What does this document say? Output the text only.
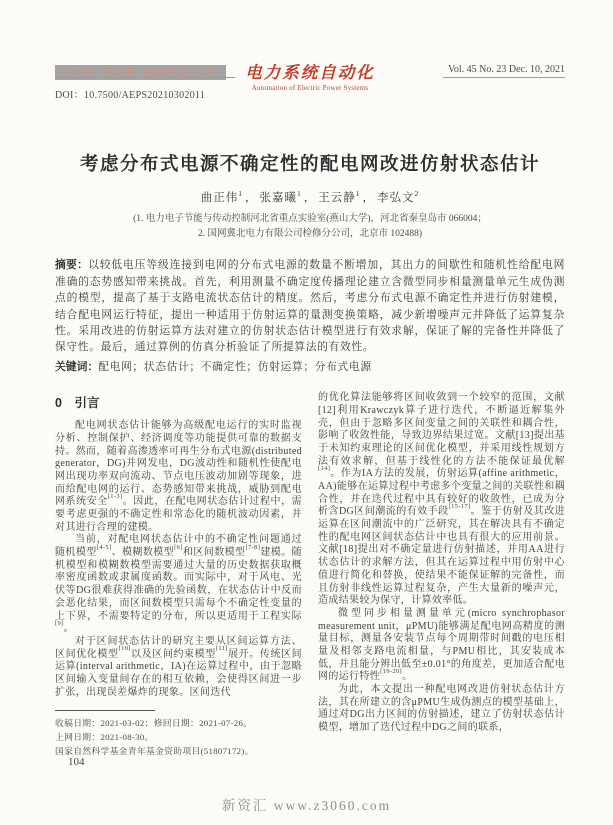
第45卷　第23期　2021年12月10日
DOI：10.7500/AEPS20210302011
电力系统自动化
Automation of Electric Power Systems
Vol. 45 No. 23 Dec. 10, 2021
考虑分布式电源不确定性的配电网改进仿射状态估计
曲正伟$^1$ ， 张嘉曦$^1$ ， 王云静$^1$ ， 李弘文$^2$
(1. 电力电子节能与传动控制河北省重点实验室(燕山大学)，河北省秦皇岛市 066004；
2. 国网冀北电力有限公司检修分公司，北京市 102488)
摘要：以较低电压等级连接到电网的分布式电源的数量不断增加，其出力的间歇性和随机性给配电网准确的态势感知带来挑战。首先，利用测量不确定度传播理论建立含微型同步相量测量单元生成伪测点的模型，提高了基于支路电流状态估计的精度。然后，考虑分布式电源不确定性并进行仿射建模，结合配电网运行特征，提出一种适用于仿射运算的量测变换策略，减少新增噪声元并降低了运算复杂性。采用改进的仿射运算方法对建立的仿射状态估计模型进行有效求解，保证了解的完备性并降低了保守性。最后，通过算例的仿真分析验证了所提算法的有效性。
关键词：配电网；状态估计；不确定性；仿射运算；分布式电源
0　引言

配电网状态估计能够为高级配电运行的实时监视分析、控制保护、经济调度等功能提供可靠的数据支持。然而，随着高渗透率可再生分布式电源(distributed generator，DG)并网发电，DG波动性和随机性使配电网出现功率双向流动、节点电压波动加剧等现象，进而给配电网的运行、态势感知带来挑战，威胁到配电网系统安全[1-3]。因此，在配电网状态估计过程中，需要考虑更强的不确定性和常态化的随机波动因素，并对其进行合理的建模。

当前，对配电网状态估计中的不确定性问题通过随机模型[4-5]、模糊数模型[6]和区间数模型[7-8]建模。随机模型和模糊数模型需要通过大量的历史数据获取概率密度函数或隶属度函数。而实际中，对于风电、光伏等DG很难获得准确的先验函数，在状态估计中反而会恶化结果，而区间数模型只需每个不确定性变量的上下界，不需要特定的分布，所以更适用于工程实际[9]。

对于区间状态估计的研究主要从区间运算方法、区间优化模型[10]以及区间约束模型[11]展开。传统区间运算(interval arithmetic，IA)在运算过程中，由于忽略区间输入变量间存在的相互依赖，会使得区间进一步扩张，出现误差爆炸的现象。区间迭代

收稿日期：2021-03-02；修回日期：2021-07-26。
上网日期：2021-08-30。
国家自然科学基金青年基金资助项目(51807172)。

的优化算法能够将区间收敛到一个较窄的范围，文献[12]利用Krawczyk算子进行迭代，不断逼近解集外壳，但由于忽略多区间变量之间的关联性和耦合性，影响了收敛性能，导致边界结果过宽。文献[13]提出基于未知约束理论的区间优化模型，并采用线性规划方法有效求解，但基于线性化的方法不能保证最优解[14]。作为IA方法的发展，仿射运算(affine arithmetic，AA)能够在运算过程中考虑多个变量之间的关联性和耦合性，并在迭代过程中具有较好的收敛性，已成为分析含DG区间潮流的有效手段[15-17]。鉴于仿射及其改进运算在区间潮流中的广泛研究，其在解决具有不确定性的配电网区间状态估计中也具有很大的应用前景。文献[18]提出对不确定量进行仿射描述，并用AA进行状态估计的求解方法，但其在运算过程中用仿射中心值进行简化和替换，使结果不能保证解的完备性，而且仿射非线性运算过程复杂，产生大量新的噪声元，造成结果较为保守，计算效率低。

微型同步相量测量单元(micro synchrophasor measurement unit，μPMU)能够满足配电网高精度的测量目标，测量各安装节点每个周期带时间戳的电压相量及相邻支路电流相量，与PMU相比，其安装成本低，并且能分辨出低至±0.01°的角度差，更加适合配电网的运行特性[19-20]。

为此，本文提出一种配电网改进仿射状态估计方法，其在所建立的含μPMU生成伪测点的模型基础上，通过对DG出力区间的仿射描述，建立了仿射状态估计模型，增加了迭代过程中DG之间的联系，

104
新资汇 www.z3060.com
